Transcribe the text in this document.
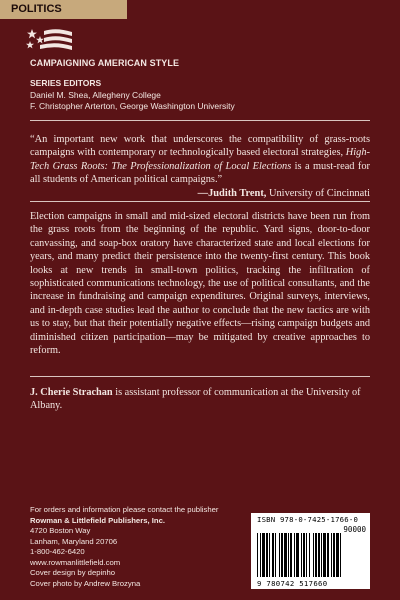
POLITICS
CAMPAIGNING AMERICAN STYLE
SERIES EDITORS
Daniel M. Shea, Allegheny College
F. Christopher Arterton, George Washington University
“An important new work that underscores the compatibility of grass-roots campaigns with contemporary or technologically based electoral strategies, High-Tech Grass Roots: The Professionalization of Local Elections is a must-read for all students of American political campaigns.”
—Judith Trent, University of Cincinnati
Election campaigns in small and mid-sized electoral districts have been run from the grass roots from the beginning of the republic. Yard signs, door-to-door canvassing, and soap-box oratory have characterized state and local elections for years, and many predict their persistence into the twenty-first century. This book looks at new trends in small-town politics, tracking the infiltration of sophisticated communications technology, the use of political consultants, and the increase in fundraising and campaign expenditures. Original surveys, interviews, and in-depth case studies lead the author to conclude that the new tactics are with us to stay, but that their potentially negative effects—rising campaign budgets and diminished citizen participation—may be mitigated by creative approaches to reform.
J. Cherie Strachan is assistant professor of communication at the University of Albany.
For orders and information please contact the publisher
Rowman & Littlefield Publishers, Inc.
4720 Boston Way
Lanham, Maryland 20706
1-800-462-6420
www.rowmanlittlefield.com
Cover design by depinho
Cover photo by Andrew Brozyna
ISBN 978-0-7425-1766-0
90000
9 780742 517660
